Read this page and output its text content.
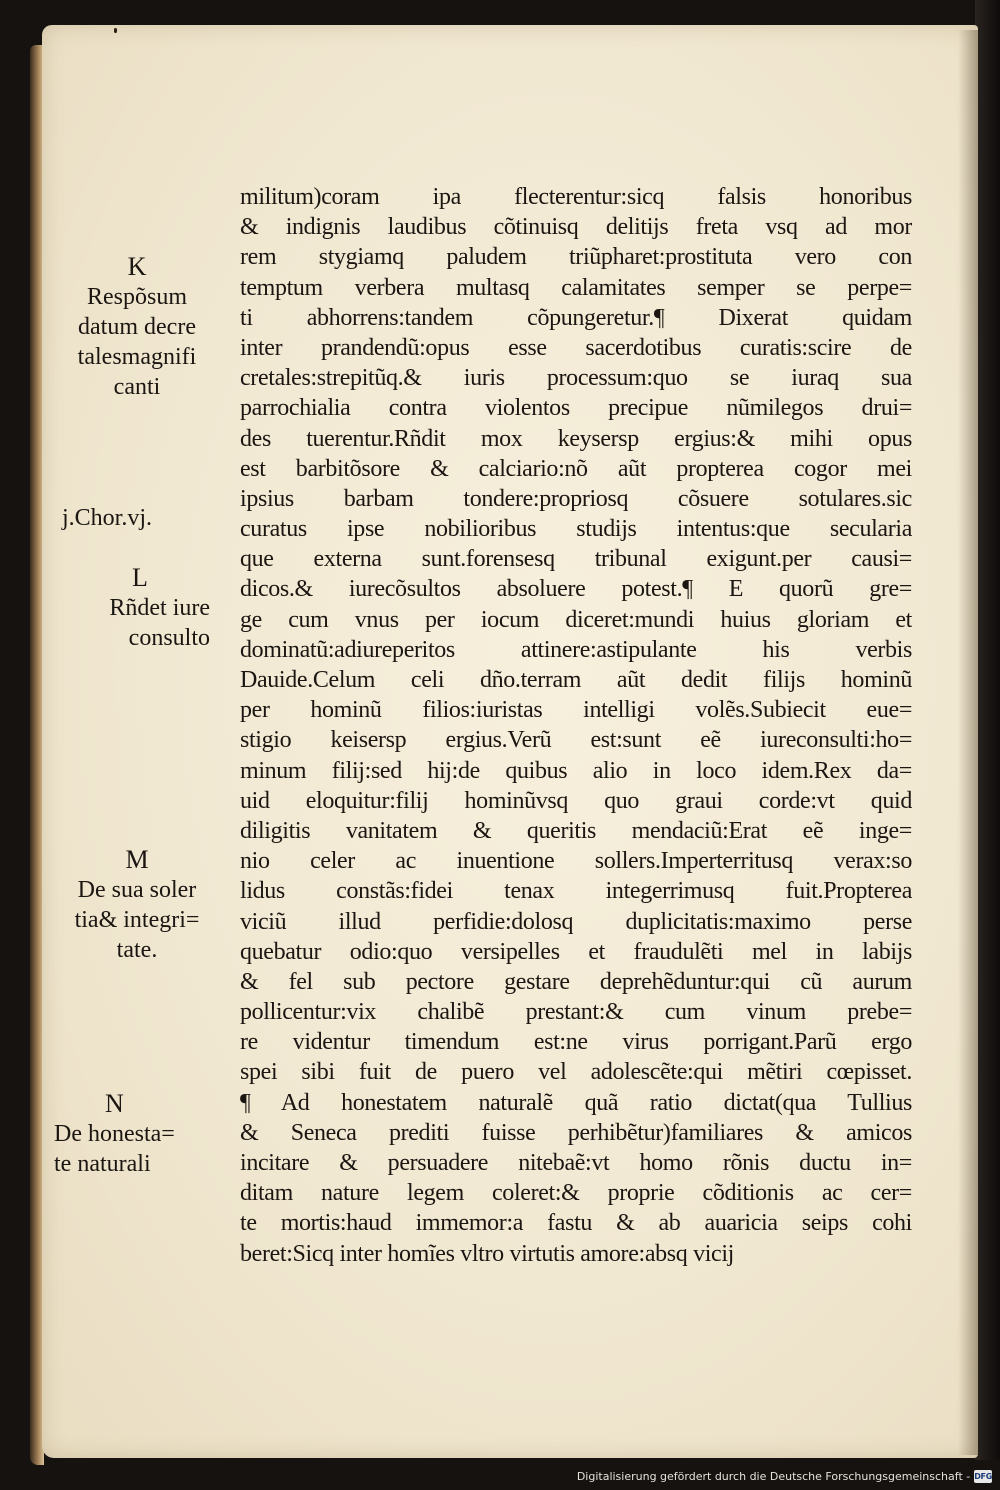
militum)coram ipa flecterentur:sicq falsis honoribus
& indignis laudibus cõtinuisq delitijs freta vsq ad mor
rem stygiamq paludem triũpharet:prostituta vero con
temptum verbera multasq calamitates semper se perpe=
ti abhorrens:tandem cõpungeretur.¶ Dixerat quidam
inter prandendũ:opus esse sacerdotibus curatis:scire de
cretales:strepitũq.& iuris processum:quo se iuraq sua
parrochialia contra violentos precipue nũmilegos drui=
des tuerentur.Rñdit mox keysersp ergius:& mihi opus
est barbitõsore & calciario:nõ aũt propterea cogor mei
ipsius barbam tondere:propriosq cõsuere sotulares.sic
curatus ipse nobilioribus studijs intentus:que secularia
que externa sunt.forensesq tribunal exigunt.per causi=
dicos.& iurecõsultos absoluere potest.¶ E quorũ gre=
ge cum vnus per iocum diceret:mundi huius gloriam et
dominatũ:adiureperitos attinere:astipulante his verbis
Dauide.Celum celi dño.terram aũt dedit filijs hominũ
per hominũ filios:iuristas intelligi volẽs.Subiecit eue=
stigio keisersp ergius.Verũ est:sunt eẽ iureconsulti:ho=
minum filij:sed hij:de quibus alio in loco idem.Rex da=
uid eloquitur:filij hominũvsq quo graui corde:vt quid
diligitis vanitatem & queritis mendaciũ:Erat eẽ inge=
nio celer ac inuentione sollers.Imperterritusq verax:so
lidus constãs:fidei tenax integerrimusq fuit.Propterea
viciũ illud perfidie:dolosq duplicitatis:maximo perse
quebatur odio:quo versipelles et fraudulẽti mel in labijs
& fel sub pectore gestare deprehẽduntur:qui cũ aurum
pollicentur:vix chalibẽ prestant:& cum vinum prebe=
re videntur timendum est:ne virus porrigant.Parũ ergo
spei sibi fuit de puero vel adolescẽte:qui mẽtiri cœpisset.
¶ Ad honestatem naturalẽ quã ratio dictat(qua Tullius
& Seneca prediti fuisse perhibẽtur)familiares & amicos
incitare & persuadere nitebaẽ:vt homo rõnis ductu in=
ditam nature legem coleret:& proprie cõditionis ac cer=
te mortis:haud immemor:a fastu & ab auaricia seips cohi
beret:Sicq inter homĩes vltro virtutis amore:absq vicij
K
Respõsum
datum decre
talesmagnifi
canti
j.Chor.vj.
L
Rñdet iure
consulto
M
De sua soler
tia& integri=
tate.
N
De honesta=
te naturali
Digitalisierung gefördert durch die Deutsche Forschungsgemeinschaft - DFG
